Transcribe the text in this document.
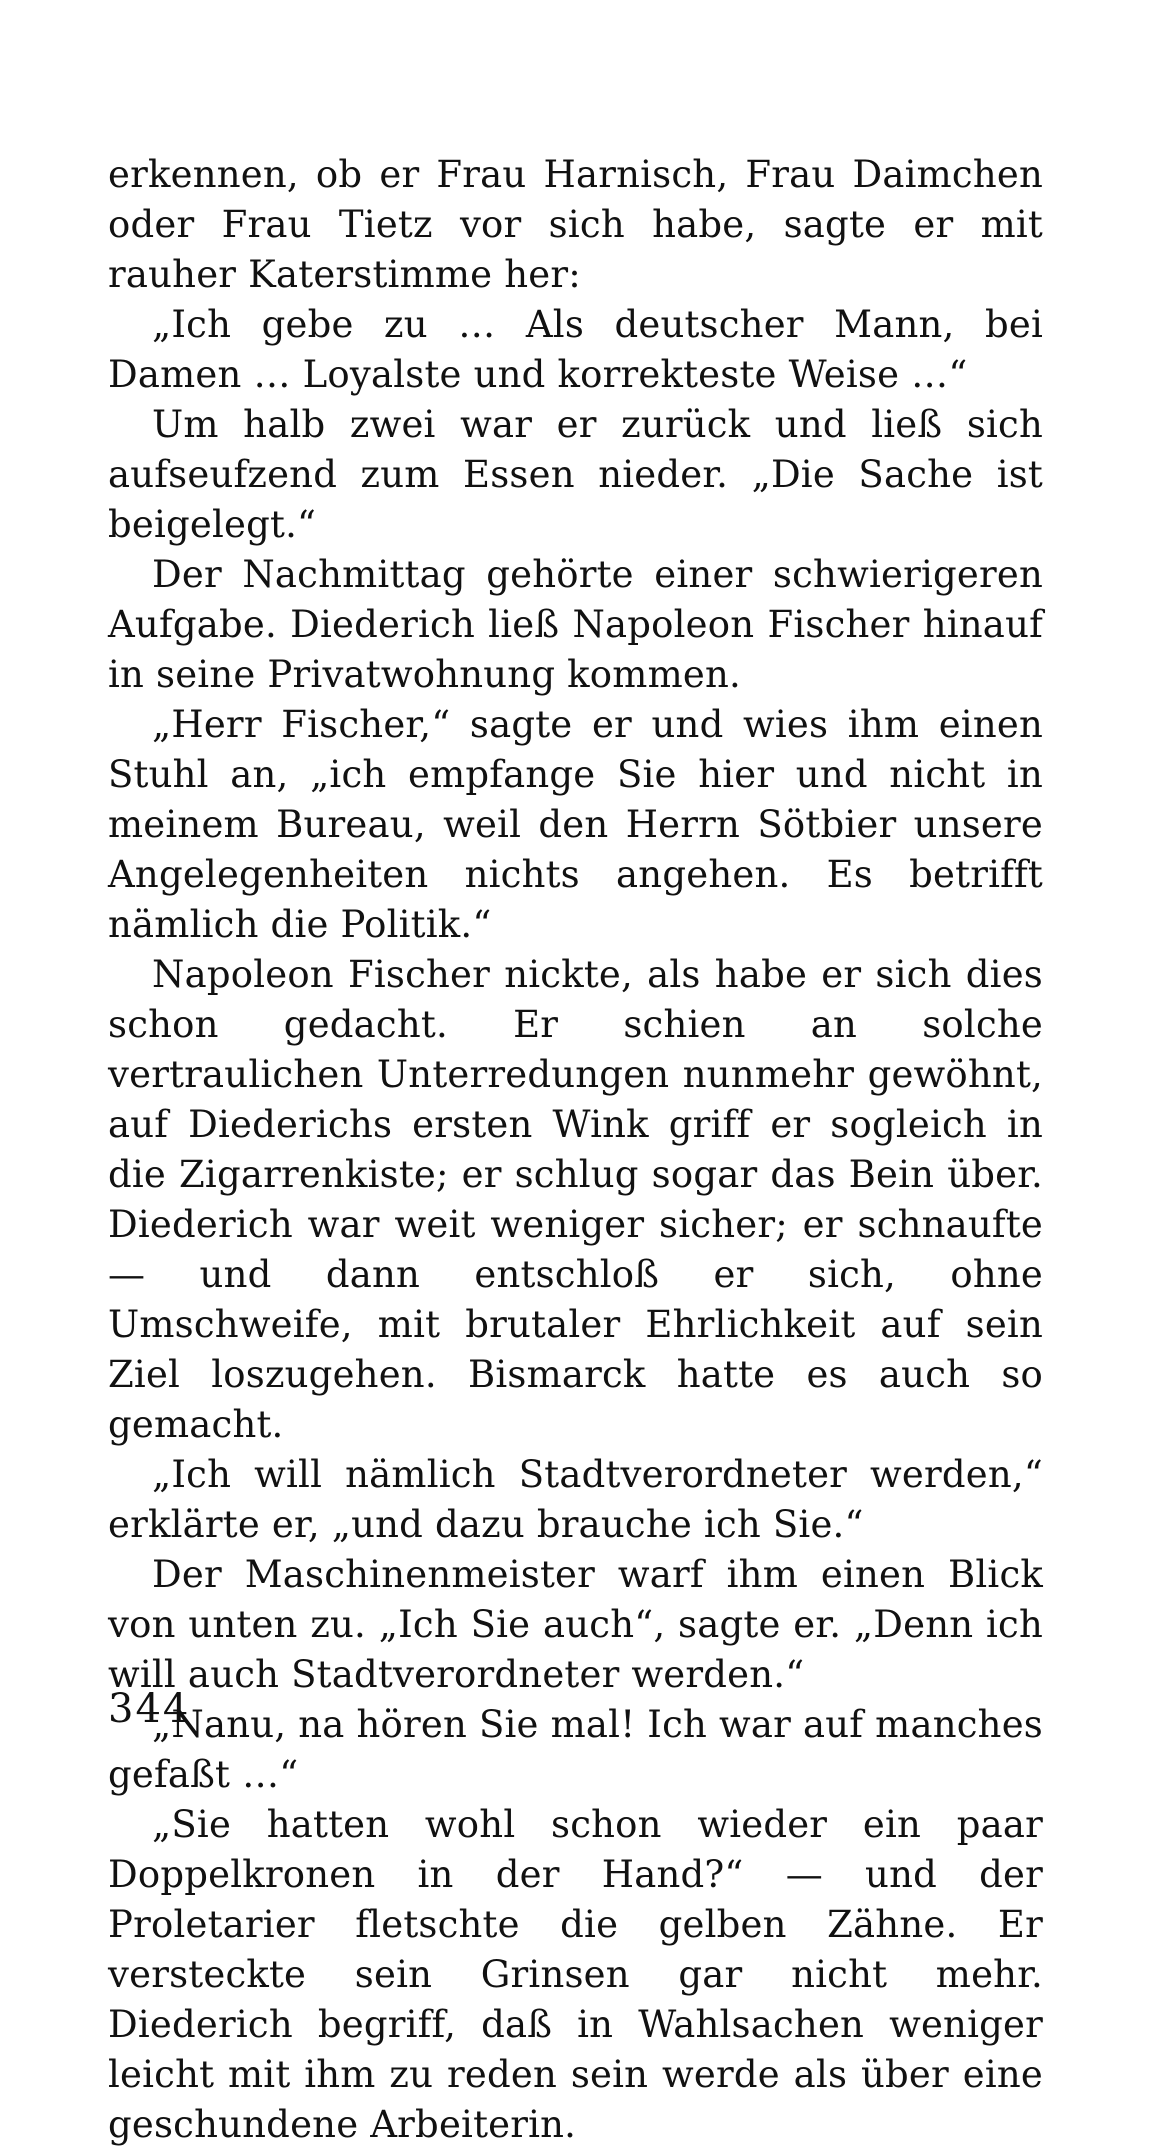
erkennen, ob er Frau Harnisch, Frau Daimchen oder Frau Tietz vor sich habe, sagte er mit rauher Katerstimme her:

„Ich gebe zu … Als deutscher Mann, bei Damen … Loyalste und korrekteste Weise …“

Um halb zwei war er zurück und ließ sich aufseufzend zum Essen nieder. „Die Sache ist beigelegt.“

Der Nachmittag gehörte einer schwierigeren Aufgabe. Diederich ließ Napoleon Fischer hinauf in seine Privatwohnung kommen.

„Herr Fischer,“ sagte er und wies ihm einen Stuhl an, „ich empfange Sie hier und nicht in meinem Bureau, weil den Herrn Sötbier unsere Angelegenheiten nichts angehen. Es betrifft nämlich die Politik.“

Napoleon Fischer nickte, als habe er sich dies schon gedacht. Er schien an solche vertraulichen Unterredungen nunmehr gewöhnt, auf Diederichs ersten Wink griff er sogleich in die Zigarrenkiste; er schlug sogar das Bein über. Diederich war weit weniger sicher; er schnaufte — und dann entschloß er sich, ohne Umschweife, mit brutaler Ehrlichkeit auf sein Ziel loszugehen. Bismarck hatte es auch so gemacht.

„Ich will nämlich Stadtverordneter werden,“ erklärte er, „und dazu brauche ich Sie.“

Der Maschinenmeister warf ihm einen Blick von unten zu. „Ich Sie auch“, sagte er. „Denn ich will auch Stadtverordneter werden.“

„Nanu, na hören Sie mal! Ich war auf manches gefaßt …“

„Sie hatten wohl schon wieder ein paar Doppelkronen in der Hand?“ — und der Proletarier fletschte die gelben Zähne. Er versteckte sein Grinsen gar nicht mehr. Diederich begriff, daß in Wahlsachen weniger leicht mit ihm zu reden sein werde als über eine geschundene Arbeiterin.

344
